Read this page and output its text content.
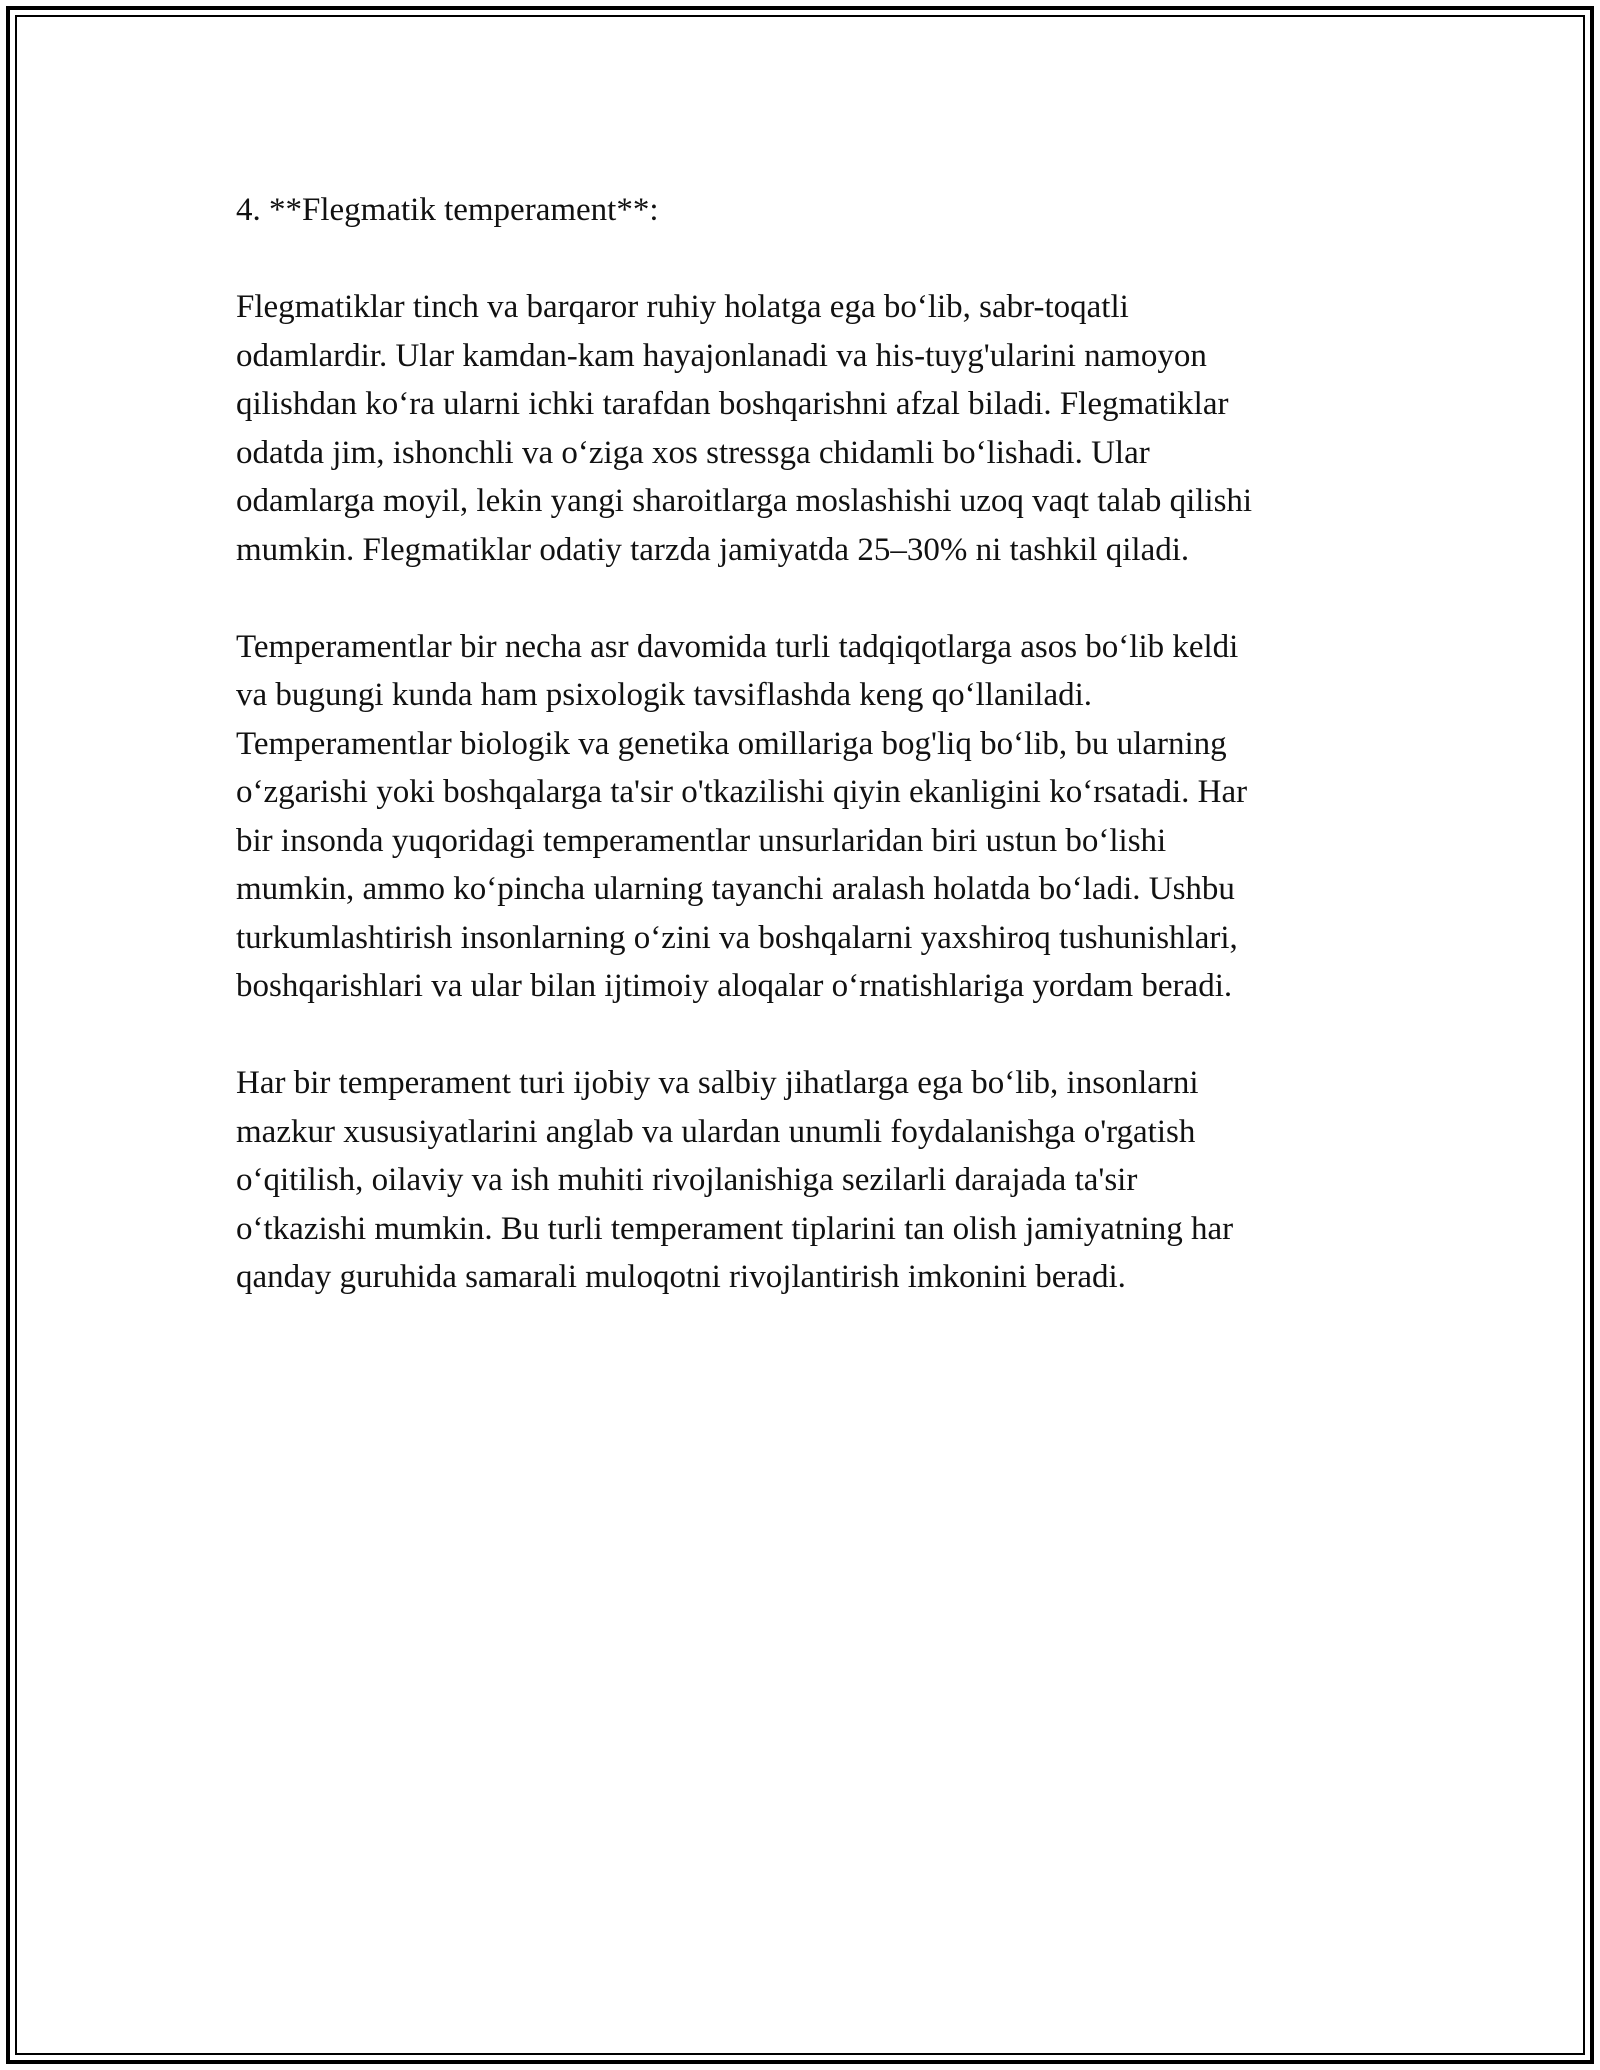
4. **Flegmatik temperament**:
Flegmatiklar tinch va barqaror ruhiy holatga ega bo‘lib, sabr-toqatli
odamlardir. Ular kamdan-kam hayajonlanadi va his-tuyg'ularini namoyon
qilishdan ko‘ra ularni ichki tarafdan boshqarishni afzal biladi. Flegmatiklar
odatda jim, ishonchli va o‘ziga xos stressga chidamli bo‘lishadi. Ular
odamlarga moyil, lekin yangi sharoitlarga moslashishi uzoq vaqt talab qilishi
mumkin. Flegmatiklar odatiy tarzda jamiyatda 25–30% ni tashkil qiladi.
Temperamentlar bir necha asr davomida turli tadqiqotlarga asos bo‘lib keldi
va bugungi kunda ham psixologik tavsiflashda keng qo‘llaniladi.
Temperamentlar biologik va genetika omillariga bog'liq bo‘lib, bu ularning
o‘zgarishi yoki boshqalarga ta'sir o'tkazilishi qiyin ekanligini ko‘rsatadi. Har
bir insonda yuqoridagi temperamentlar unsurlaridan biri ustun bo‘lishi
mumkin, ammo ko‘pincha ularning tayanchi aralash holatda bo‘ladi. Ushbu
turkumlashtirish insonlarning o‘zini va boshqalarni yaxshiroq tushunishlari,
boshqarishlari va ular bilan ijtimoiy aloqalar o‘rnatishlariga yordam beradi.
Har bir temperament turi ijobiy va salbiy jihatlarga ega bo‘lib, insonlarni
mazkur xususiyatlarini anglab va ulardan unumli foydalanishga o'rgatish
o‘qitilish, oilaviy va ish muhiti rivojlanishiga sezilarli darajada ta'sir
o‘tkazishi mumkin. Bu turli temperament tiplarini tan olish jamiyatning har
qanday guruhida samarali muloqotni rivojlantirish imkonini beradi.
